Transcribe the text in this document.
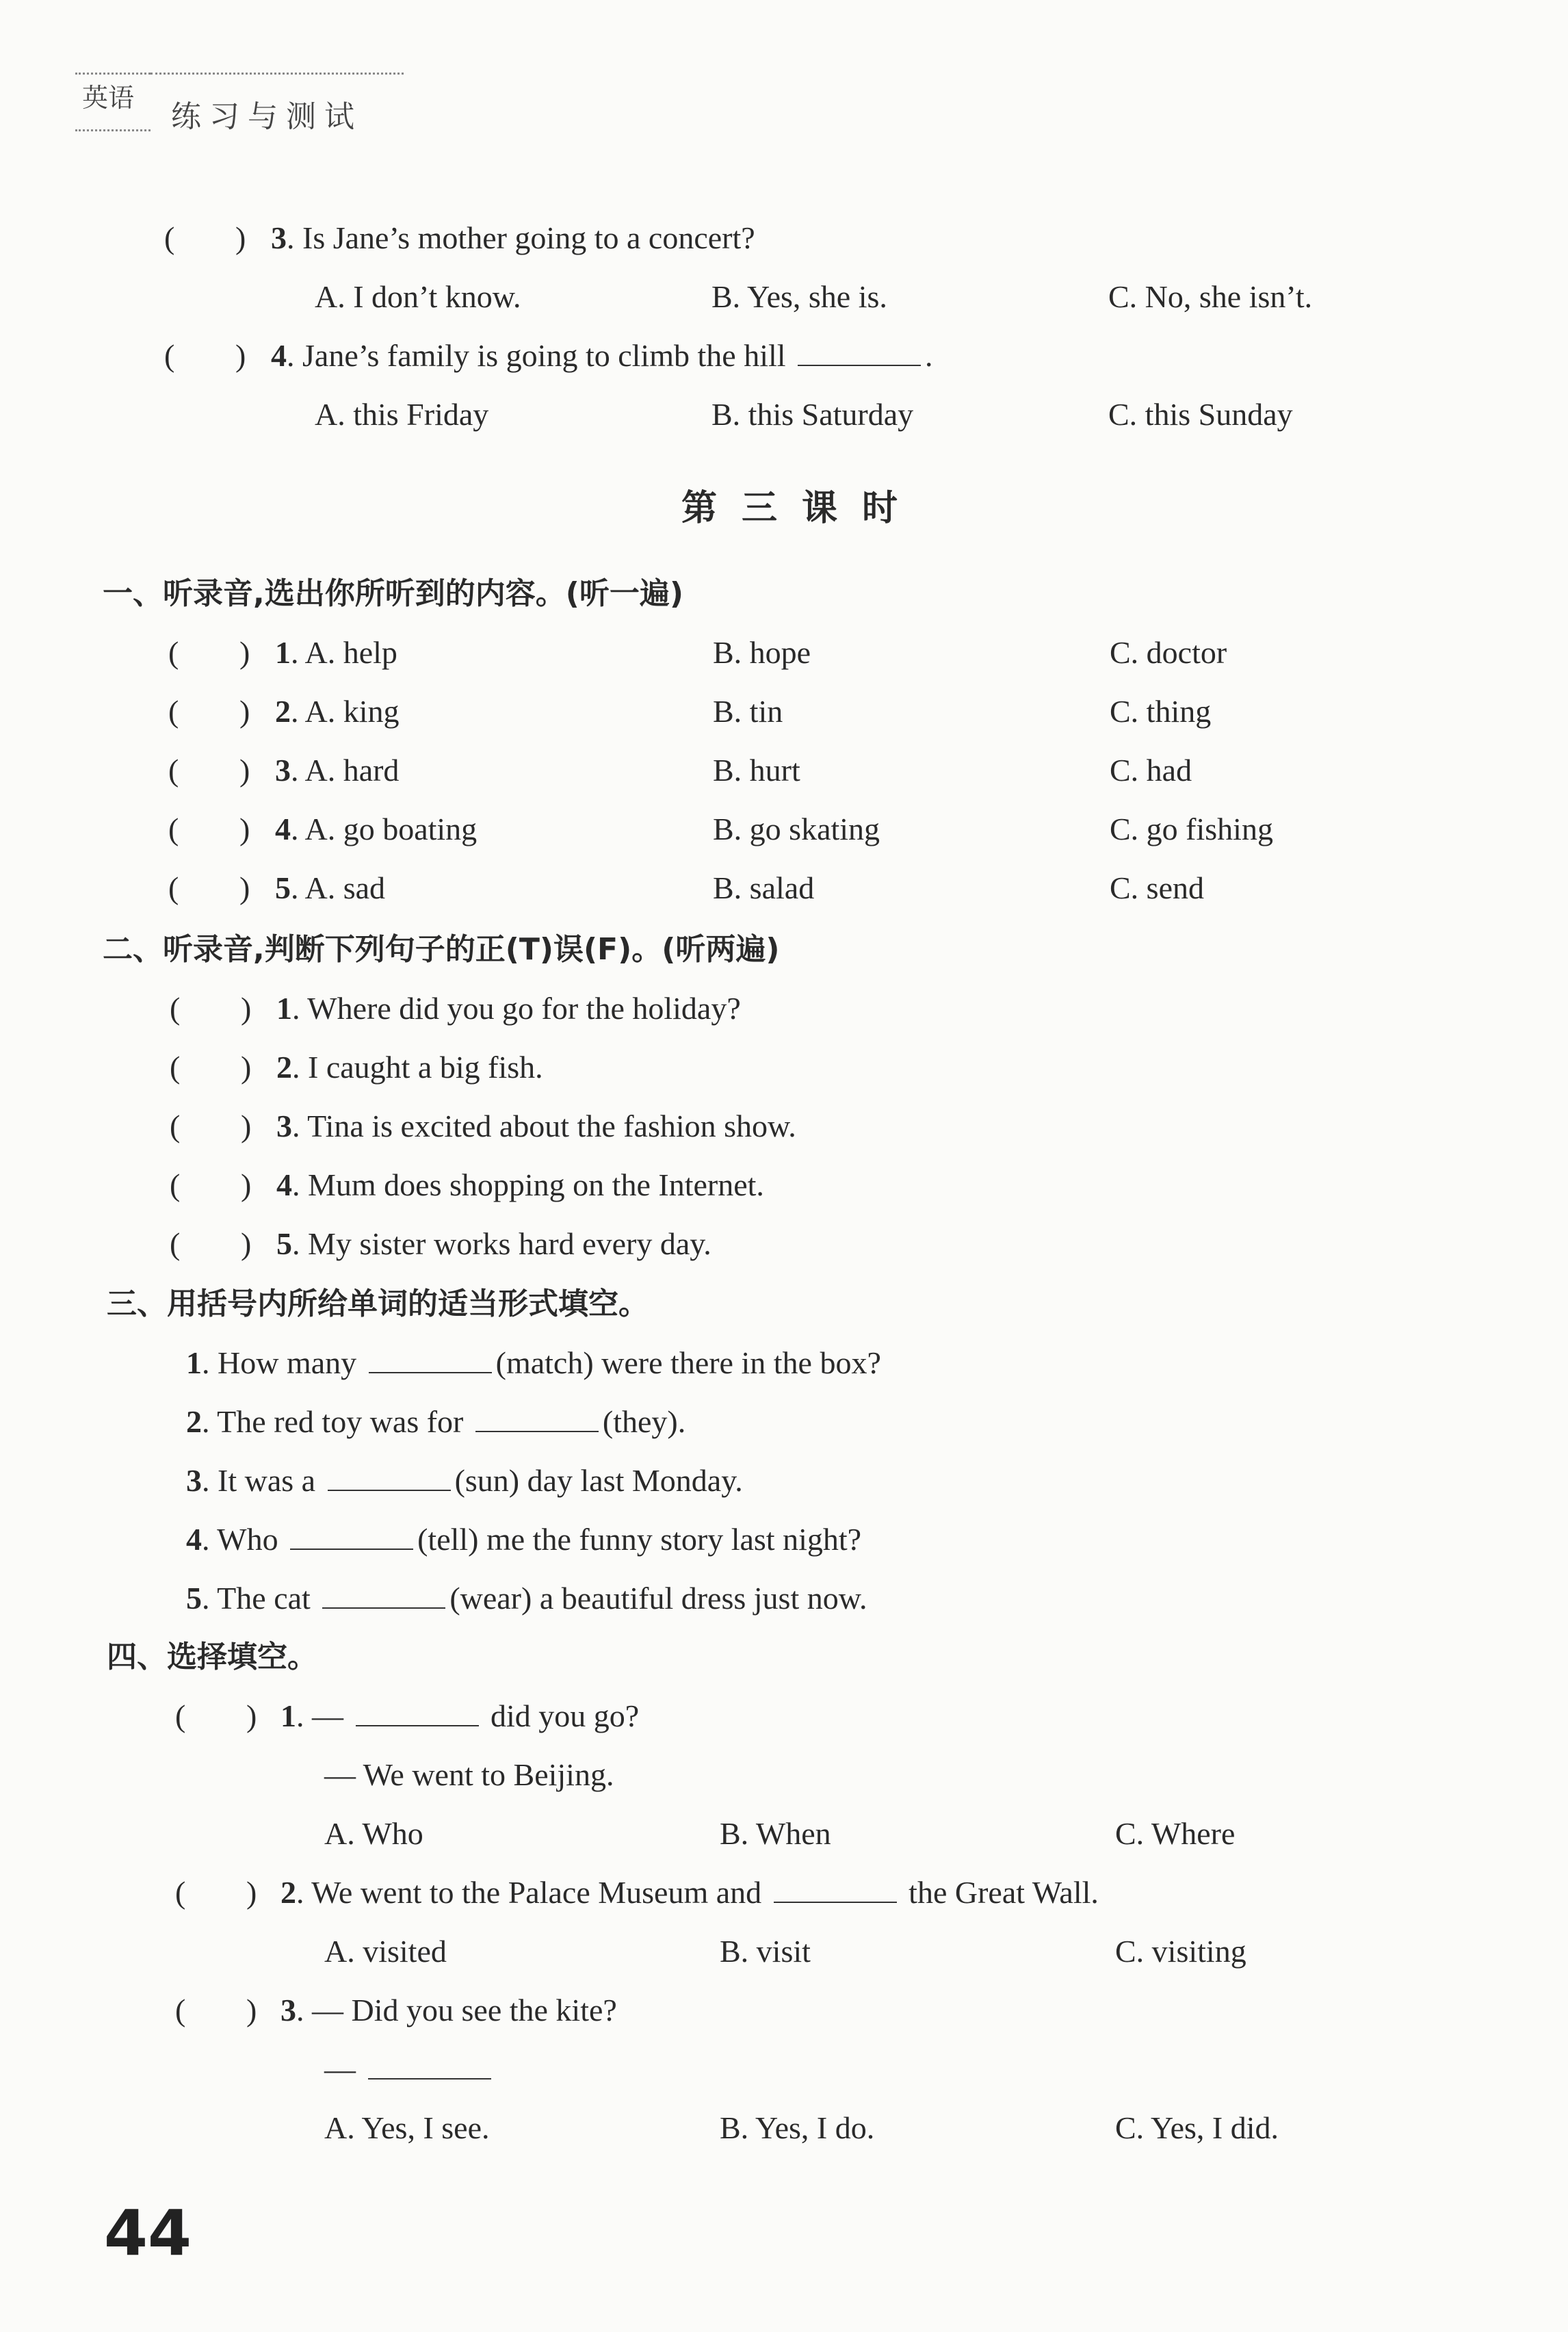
英语
练习与测试
( ) 3. Is Jane’s mother going to a concert?
A. I don’t know.	B. Yes, she is.	C. No, she isn’t.
( ) 4. Jane’s family is going to climb the hill	.
A. this Friday	B. this Saturday	C. this Sunday
第三课时
一、听录音,选出你所听到的内容。(听一遍)
( ) 1. A. help	B. hope	C. doctor
( ) 2. A. king	B. tin	C. thing
( ) 3. A. hard	B. hurt	C. had
( ) 4. A. go boating	B. go skating	C. go fishing
( ) 5. A. sad	B. salad	C. send
二、听录音,判断下列句子的正(T)误(F)。(听两遍)
( ) 1. Where did you go for the holiday?
( ) 2. I caught a big fish.
( ) 3. Tina is excited about the fashion show.
( ) 4. Mum does shopping on the Internet.
( ) 5. My sister works hard every day.
三、用括号内所给单词的适当形式填空。
1. How many	(match) were there in the box?
2. The red toy was for	(they).
3. It was a	(sun) day last Monday.
4. Who	(tell) me the funny story last night?
5. The cat	(wear) a beautiful dress just now.
四、选择填空。
( ) 1. —	did you go?
— We went to Beijing.
A. Who	B. When	C. Where
( ) 2. We went to the Palace Museum and	the Great Wall.
A. visited	B. visit	C. visiting
( ) 3. — Did you see the kite?
—
A. Yes, I see.	B. Yes, I do.	C. Yes, I did.
44
